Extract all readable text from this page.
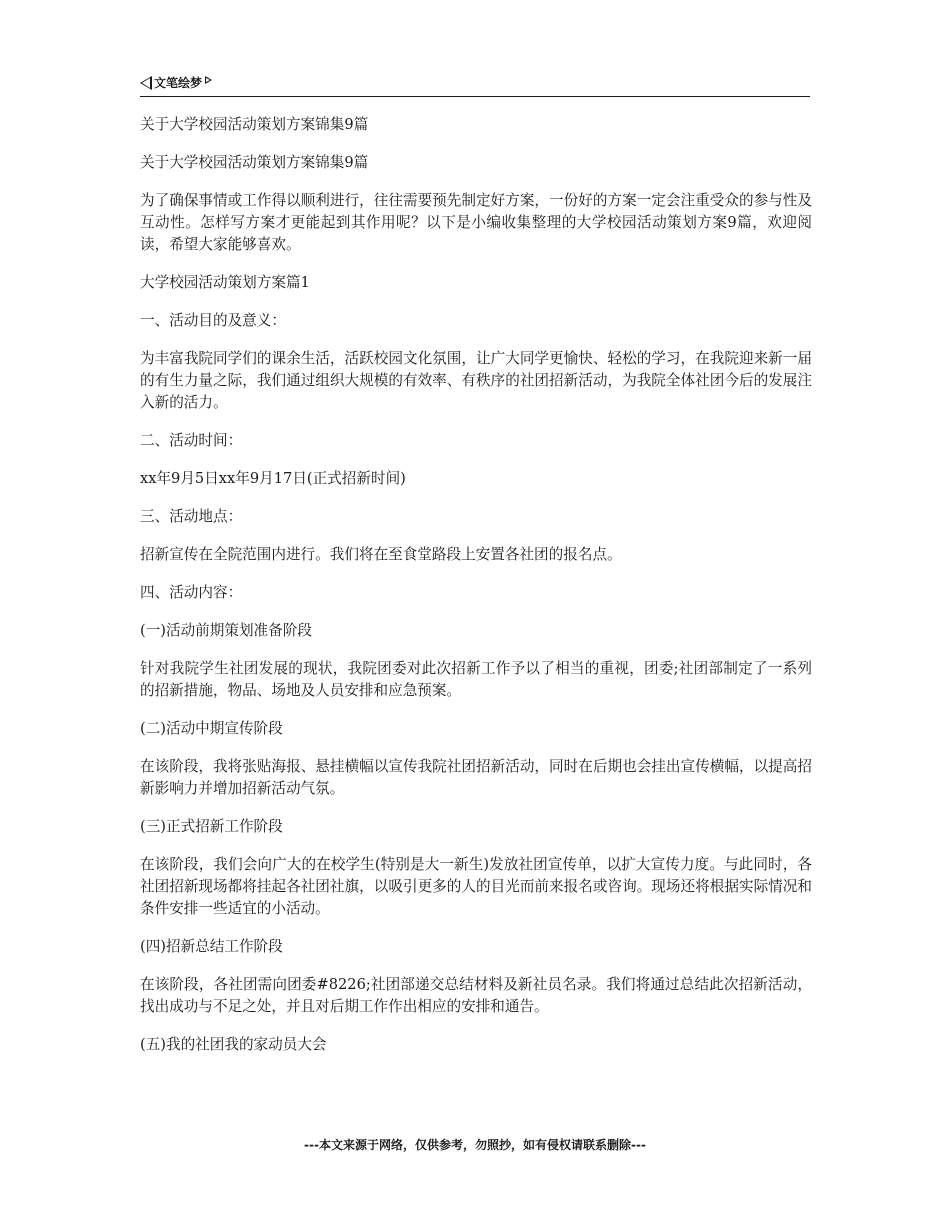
文笔绘梦

关于大学校园活动策划方案锦集9篇

关于大学校园活动策划方案锦集9篇

为了确保事情或工作得以顺利进行，往往需要预先制定好方案，一份好的方案一定会注重受众的参与性及互动性。怎样写方案才更能起到其作用呢？以下是小编收集整理的大学校园活动策划方案9篇，欢迎阅读，希望大家能够喜欢。

大学校园活动策划方案篇1

一、活动目的及意义：

为丰富我院同学们的课余生活，活跃校园文化氛围，让广大同学更愉快、轻松的学习，在我院迎来新一届的有生力量之际，我们通过组织大规模的有效率、有秩序的社团招新活动，为我院全体社团今后的发展注入新的活力。

二、活动时间：

xx年9月5日xx年9月17日(正式招新时间)

三、活动地点：

招新宣传在全院范围内进行。我们将在至食堂路段上安置各社团的报名点。

四、活动内容：

(一)活动前期策划准备阶段

针对我院学生社团发展的现状，我院团委对此次招新工作予以了相当的重视，团委;社团部制定了一系列的招新措施，物品、场地及人员安排和应急预案。

(二)活动中期宣传阶段

在该阶段，我将张贴海报、悬挂横幅以宣传我院社团招新活动，同时在后期也会挂出宣传横幅，以提高招新影响力并增加招新活动气氛。

(三)正式招新工作阶段

在该阶段，我们会向广大的在校学生(特别是大一新生)发放社团宣传单，以扩大宣传力度。与此同时，各社团招新现场都将挂起各社团社旗，以吸引更多的人的目光而前来报名或咨询。现场还将根据实际情况和条件安排一些适宜的小活动。

(四)招新总结工作阶段

在该阶段，各社团需向团委#8226;社团部递交总结材料及新社员名录。我们将通过总结此次招新活动，找出成功与不足之处，并且对后期工作作出相应的安排和通告。

(五)我的社团我的家动员大会

---本文来源于网络，仅供参考，勿照抄，如有侵权请联系删除---
